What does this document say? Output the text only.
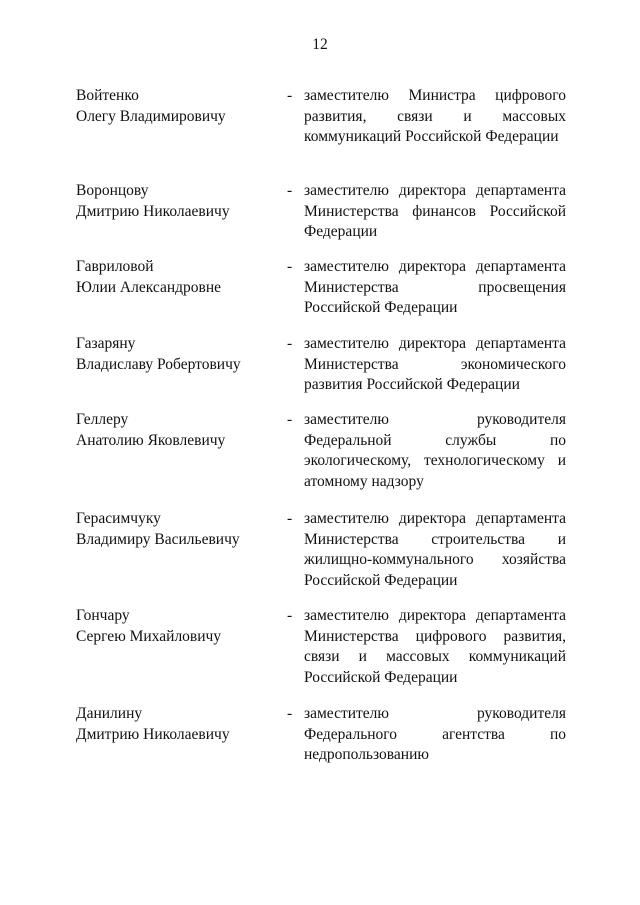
12
Войтенко
Олегу Владимировичу
- заместителю Министра цифрового развития, связи и массовых коммуникаций Российской Федерации
Воронцову
Дмитрию Николаевичу
- заместителю директора департамента Министерства финансов Российской Федерации
Гавриловой
Юлии Александровне
- заместителю директора департамента Министерства просвещения Российской Федерации
Газаряну
Владиславу Робертовичу
- заместителю директора департамента Министерства экономического развития Российской Федерации
Геллеру
Анатолию Яковлевичу
- заместителю руководителя Федеральной службы по экологическому, технологическому и атомному надзору
Герасимчуку
Владимиру Васильевичу
- заместителю директора департамента Министерства строительства и жилищно-коммунального хозяйства Российской Федерации
Гончару
Сергею Михайловичу
- заместителю директора департамента Министерства цифрового развития, связи и массовых коммуникаций Российской Федерации
Данилину
Дмитрию Николаевичу
- заместителю руководителя Федерального агентства по недропользованию
